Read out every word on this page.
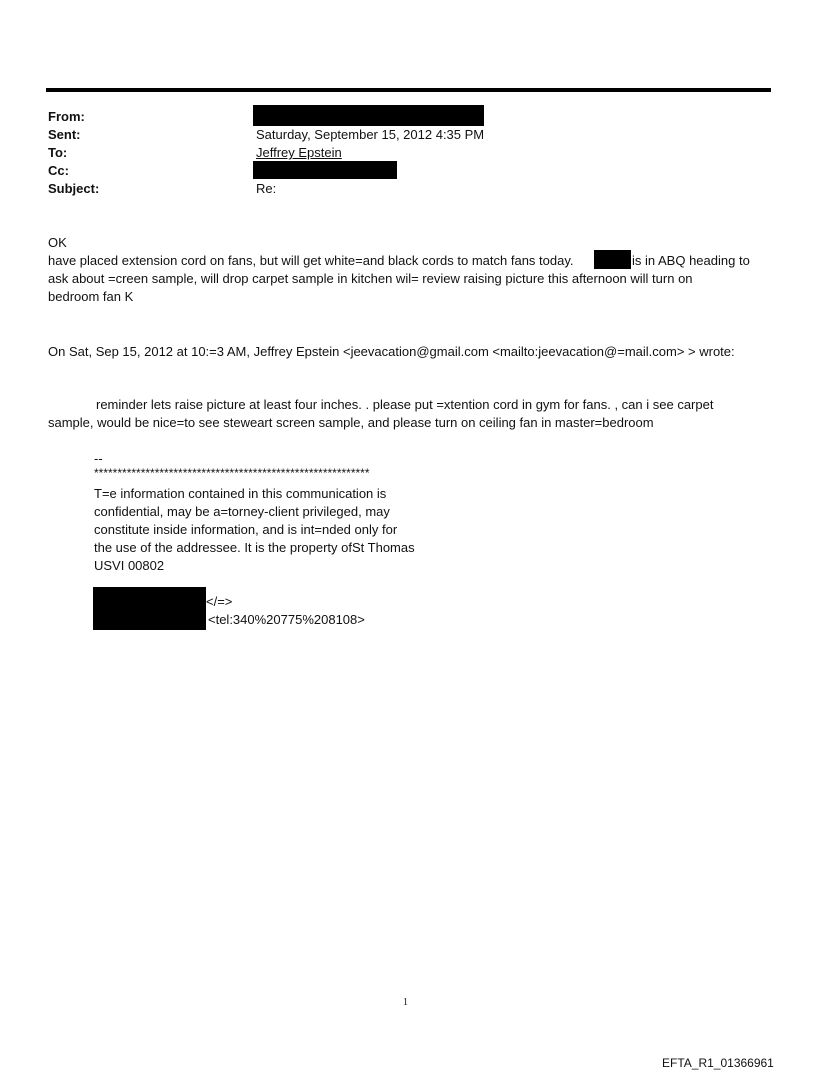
From:
Sent:	Saturday, September 15, 2012 4:35 PM
To:	Jeffrey Epstein
Cc:
Subject:	Re:
OK
have placed extension cord on fans, but will get white=and black cords to match fans today.	is in ABQ heading to
ask about =creen sample, will drop carpet sample in kitchen wil= review raising picture this afternoon will turn on
bedroom fan K
On Sat, Sep 15, 2012 at 10:=3 AM, Jeffrey Epstein <jeevacation@gmail.com <mailto:jeevacation@=mail.com> > wrote:
reminder lets raise picture at least four inches. . please put =xtention cord in gym for fans. , can i see carpet
sample, would be nice=to see steweart screen sample, and please turn on ceiling fan in master=bedroom
--
***********************************************************
T=e information contained in this communication is
confidential, may be a=torney-client privileged, may
constitute inside information, and is int=nded only for
the use of the addressee. It is the property ofSt Thomas
USVI 00802
</=>
<tel:340%20775%208108>
1
EFTA_R1_01366961
